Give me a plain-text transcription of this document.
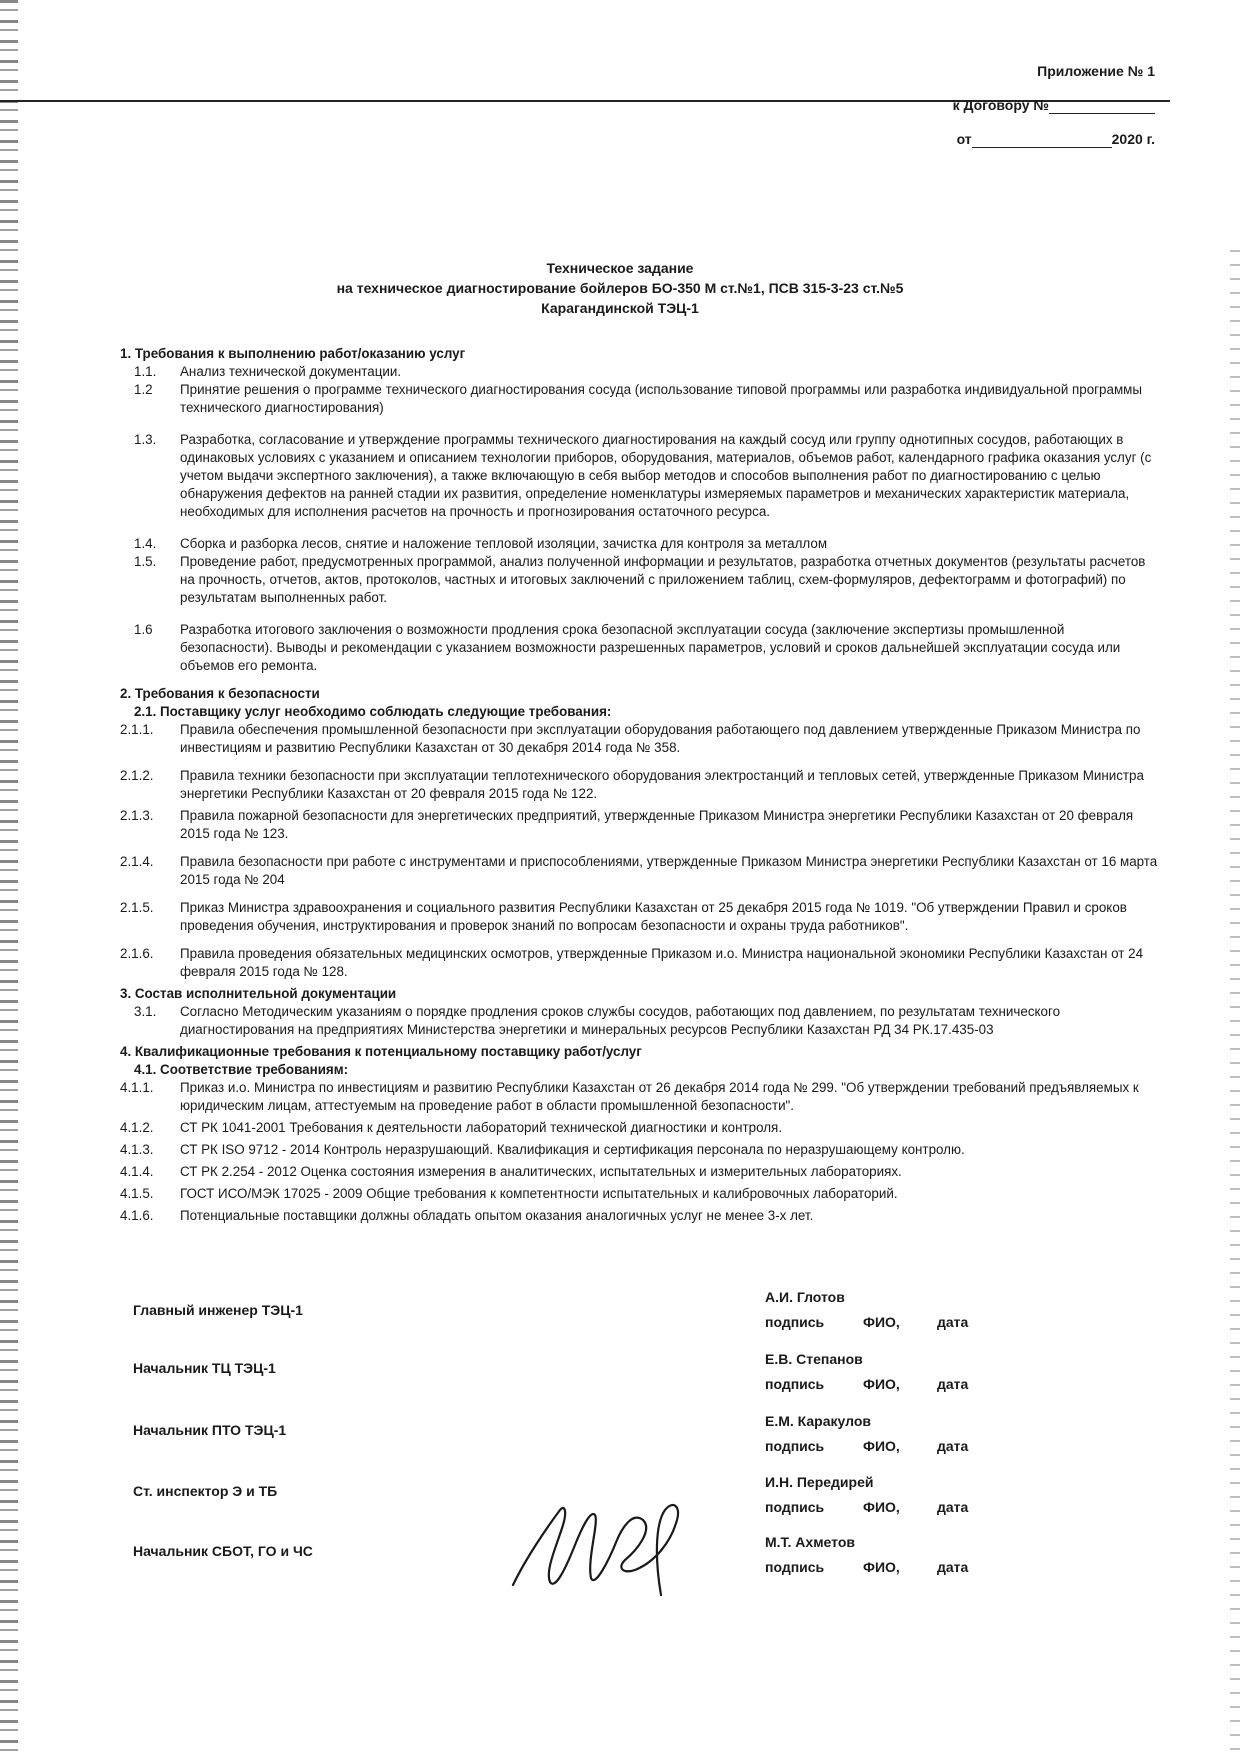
Приложение № 1
к Договору №
от	2020 г.
Техническое задание
на техническое диагностирование бойлеров БО-350 М ст.№1, ПСВ 315-3-23 ст.№5
Карагандинской ТЭЦ-1
1. Требования к выполнению работ/оказанию услуг
1.1. Анализ технической документации.
1.2 Принятие решения о программе технического диагностирования сосуда (использование типовой программы или разработка индивидуальной программы технического диагностирования)
1.3. Разработка, согласование и утверждение программы технического диагностирования на каждый сосуд или группу однотипных сосудов, работающих в одинаковых условиях с указанием и описанием технологии приборов, оборудования, материалов, объемов работ, календарного графика оказания услуг (с учетом выдачи экспертного заключения), а также включающую в себя выбор методов и способов выполнения работ по диагностированию с целью обнаружения дефектов на ранней стадии их развития, определение номенклатуры измеряемых параметров и механических характеристик материала, необходимых для исполнения расчетов на прочность и прогнозирования остаточного ресурса.
1.4. Сборка и разборка лесов, снятие и наложение тепловой изоляции, зачистка для контроля за металлом
1.5. Проведение работ, предусмотренных программой, анализ полученной информации и результатов, разработка отчетных документов (результаты расчетов на прочность, отчетов, актов, протоколов, частных и итоговых заключений с приложением таблиц, схем-формуляров, дефектограмм и фотографий) по результатам выполненных работ.
1.6 Разработка итогового заключения о возможности продления срока безопасной эксплуатации сосуда (заключение экспертизы промышленной безопасности). Выводы и рекомендации с указанием возможности разрешенных параметров, условий и сроков дальнейшей эксплуатации сосуда или объемов его ремонта.
2. Требования к безопасности
2.1. Поставщику услуг необходимо соблюдать следующие требования:
2.1.1. Правила обеспечения промышленной безопасности при эксплуатации оборудования работающего под давлением утвержденные Приказом Министра по инвестициям и развитию Республики Казахстан от 30 декабря 2014 года № 358.
2.1.2. Правила техники безопасности при эксплуатации теплотехнического оборудования электростанций и тепловых сетей, утвержденные Приказом Министра энергетики Республики Казахстан от 20 февраля 2015 года № 122.
2.1.3. Правила пожарной безопасности для энергетических предприятий, утвержденные Приказом Министра энергетики Республики Казахстан от 20 февраля 2015 года № 123.
2.1.4. Правила безопасности при работе с инструментами и приспособлениями, утвержденные Приказом Министра энергетики Республики Казахстан от 16 марта 2015 года № 204
2.1.5. Приказ Министра здравоохранения и социального развития Республики Казахстан от 25 декабря 2015 года № 1019. "Об утверждении Правил и сроков проведения обучения, инструктирования и проверок знаний по вопросам безопасности и охраны труда работников".
2.1.6. Правила проведения обязательных медицинских осмотров, утвержденные Приказом и.о. Министра национальной экономики Республики Казахстан от 24 февраля 2015 года № 128.
3. Состав исполнительной документации
3.1. Согласно Методическим указаниям о порядке продления сроков службы сосудов, работающих под давлением, по результатам технического диагностирования на предприятиях Министерства энергетики и минеральных ресурсов Республики Казахстан РД 34 РК.17.435-03
4. Квалификационные требования к потенциальному поставщику работ/услуг
4.1. Соответствие требованиям:
4.1.1. Приказ и.о. Министра по инвестициям и развитию Республики Казахстан от 26 декабря 2014 года № 299. "Об утверждении требований предъявляемых к юридическим лицам, аттестуемым на проведение работ в области промышленной безопасности".
4.1.2. СТ РК 1041-2001 Требования к деятельности лабораторий технической диагностики и контроля.
4.1.3. СТ РК ISO 9712 - 2014 Контроль неразрушающий. Квалификация и сертификация персонала по неразрушающему контролю.
4.1.4. СТ РК 2.254 - 2012 Оценка состояния измерения в аналитических, испытательных и измерительных лабораториях.
4.1.5. ГОСТ ИСО/МЭК 17025 - 2009 Общие требования к компетентности испытательных и калибровочных лабораторий.
4.1.6. Потенциальные поставщики должны обладать опытом оказания аналогичных услуг не менее 3-х лет.
Главный инженер ТЭЦ-1
А.И. Глотов
подпись	ФИО,	дата
Начальник ТЦ ТЭЦ-1
Е.В. Степанов
подпись	ФИО,	дата
Начальник ПТО ТЭЦ-1
Е.М. Каракулов
подпись	ФИО,	дата
Ст. инспектор Э и ТБ
И.Н. Передирей
подпись	ФИО,	дата
Начальник СБОТ, ГО и ЧС
М.Т. Ахметов
подпись	ФИО,	дата
